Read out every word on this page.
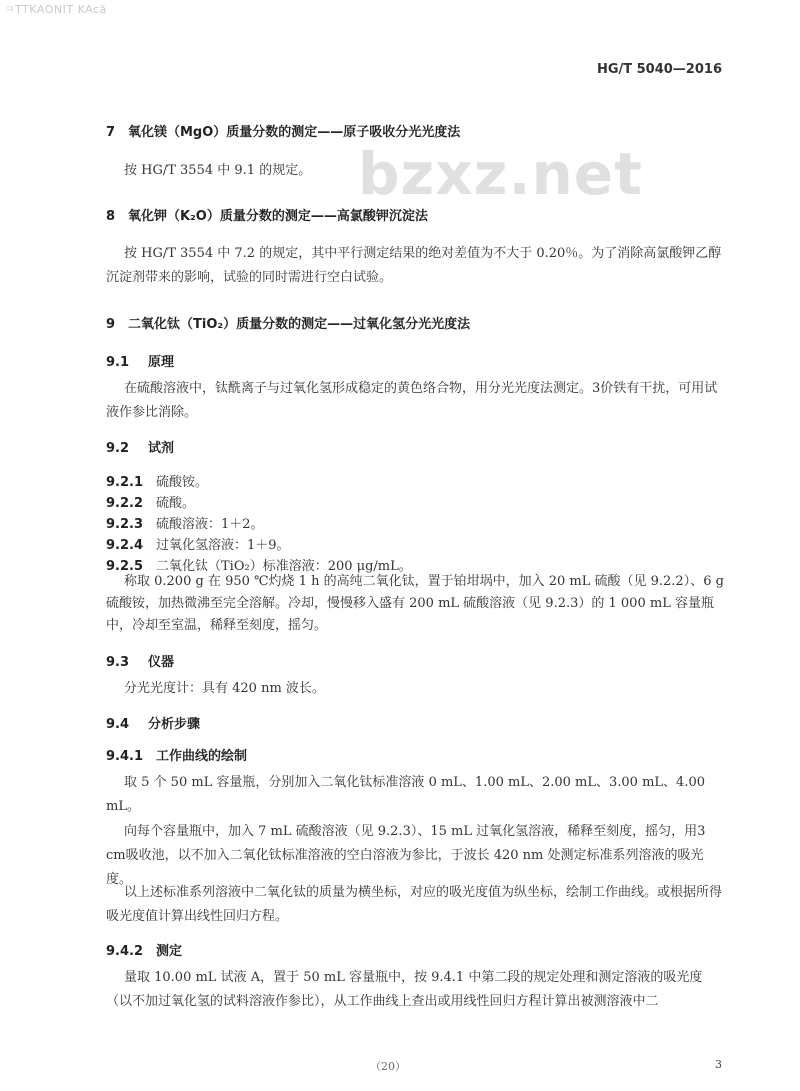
ㅋTTKAONIT KAcă
bzxz.net
HG/T 5040—2016
7 氧化镁（MgO）质量分数的测定——原子吸收分光光度法
按 HG/T 3554 中 9.1 的规定。
8 氧化钾（K₂O）质量分数的测定——高氯酸钾沉淀法
按 HG/T 3554 中 7.2 的规定，其中平行测定结果的绝对差值为不大于 0.20％。为了消除高氯酸钾乙醇沉淀剂带来的影响，试验的同时需进行空白试验。
9 二氧化钛（TiO₂）质量分数的测定——过氧化氢分光光度法
9.1 原理
在硫酸溶液中，钛酰离子与过氧化氢形成稳定的黄色络合物，用分光光度法测定。3价铁有干扰，可用试液作参比消除。
9.2 试剂
9.2.1 硫酸铵。
9.2.2 硫酸。
9.2.3 硫酸溶液：1＋2。
9.2.4 过氧化氢溶液：1＋9。
9.2.5 二氧化钛（TiO₂）标准溶液：200 μg/mL。
称取 0.200 g 在 950 ℃灼烧 1 h 的高纯二氧化钛，置于铂坩埚中，加入 20 mL 硫酸（见 9.2.2）、6 g 硫酸铵，加热微沸至完全溶解。冷却，慢慢移入盛有 200 mL 硫酸溶液（见 9.2.3）的 1 000 mL 容量瓶中，冷却至室温，稀释至刻度，摇匀。
9.3 仪器
分光光度计：具有 420 nm 波长。
9.4 分析步骤
9.4.1 工作曲线的绘制
取 5 个 50 mL 容量瓶，分别加入二氧化钛标准溶液 0 mL、1.00 mL、2.00 mL、3.00 mL、4.00 mL。
向每个容量瓶中，加入 7 mL 硫酸溶液（见 9.2.3）、15 mL 过氧化氢溶液，稀释至刻度，摇匀，用3 cm吸收池，以不加入二氧化钛标准溶液的空白溶液为参比，于波长 420 nm 处测定标准系列溶液的吸光度。
以上述标准系列溶液中二氧化钛的质量为横坐标，对应的吸光度值为纵坐标，绘制工作曲线。或根据所得吸光度值计算出线性回归方程。
9.4.2 测定
量取 10.00 mL 试液 A，置于 50 mL 容量瓶中，按 9.4.1 中第二段的规定处理和测定溶液的吸光度（以不加过氧化氢的试料溶液作参比），从工作曲线上查出或用线性回归方程计算出被测溶液中二
（20）	3
